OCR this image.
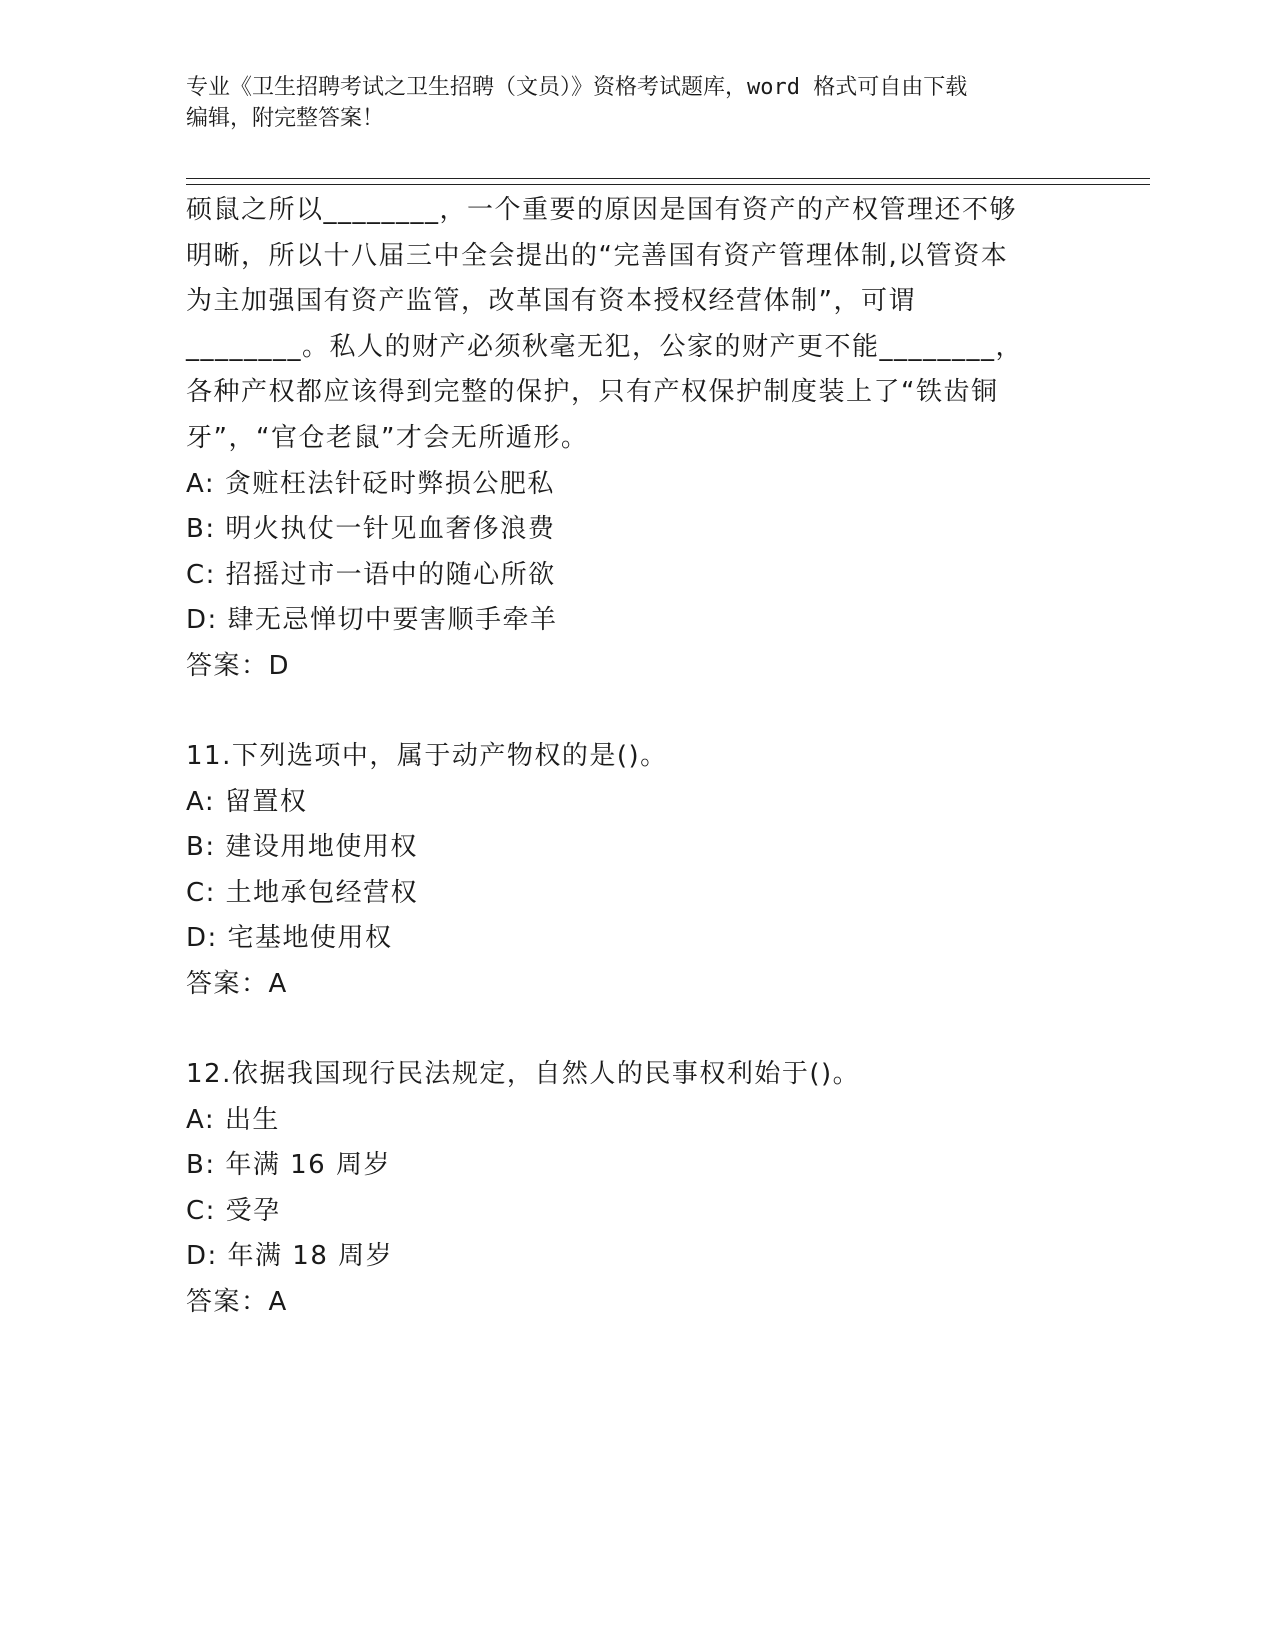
专业《卫生招聘考试之卫生招聘（文员）》资格考试题库，word 格式可自由下载
编辑，附完整答案！
硕鼠之所以________，一个重要的原因是国有资产的产权管理还不够
明晰，所以十八届三中全会提出的“完善国有资产管理体制,以管资本
为主加强国有资产监管，改革国有资本授权经营体制”，可谓
________。私人的财产必须秋毫无犯，公家的财产更不能________，
各种产权都应该得到完整的保护，只有产权保护制度装上了“铁齿铜
牙”，“官仓老鼠”才会无所遁形。
A: 贪赃枉法针砭时弊损公肥私
B: 明火执仗一针见血奢侈浪费
C: 招摇过市一语中的随心所欲
D: 肆无忌惮切中要害顺手牵羊
答案：D
11.下列选项中，属于动产物权的是()。
A: 留置权
B: 建设用地使用权
C: 土地承包经营权
D: 宅基地使用权
答案：A
12.依据我国现行民法规定，自然人的民事权利始于()。
A: 出生
B: 年满 16 周岁
C: 受孕
D: 年满 18 周岁
答案：A
